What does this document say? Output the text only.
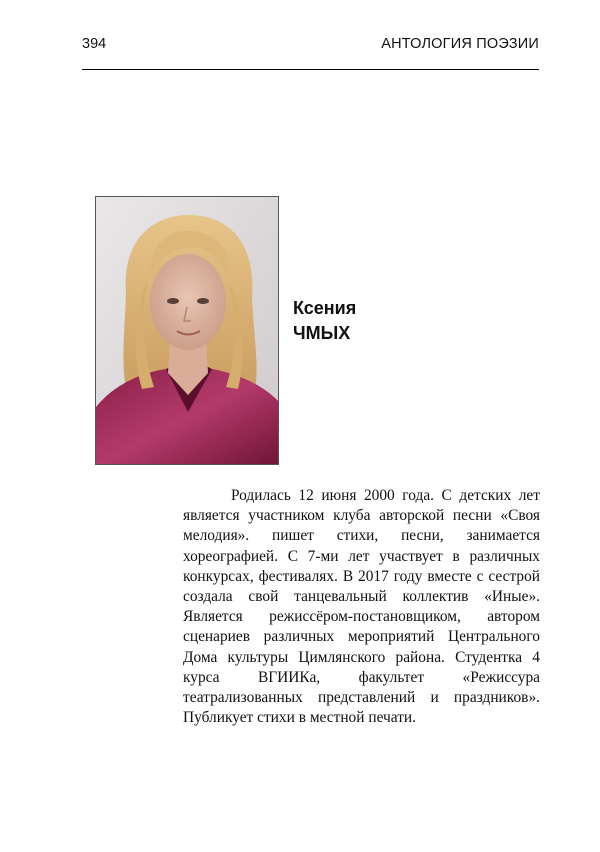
394	АНТОЛОГИЯ ПОЭЗИИ
Ксения
ЧМЫХ
Родилась 12 июня 2000 года. С детских лет является участником клуба авторской песни «Своя мелодия». пишет стихи, песни, занимается хореографией. С 7-ми лет участвует в различных конкурсах, фестивалях. В 2017 году вместе с сестрой создала свой танцевальный коллектив «Иные». Является режиссёром-постановщиком, автором сценариев различных мероприятий Центрального Дома культуры Цимлянского района. Студентка 4 курса ВГИИКа, факультет «Режиссура театрализованных представлений и праздников». Публикует стихи в местной печати.
